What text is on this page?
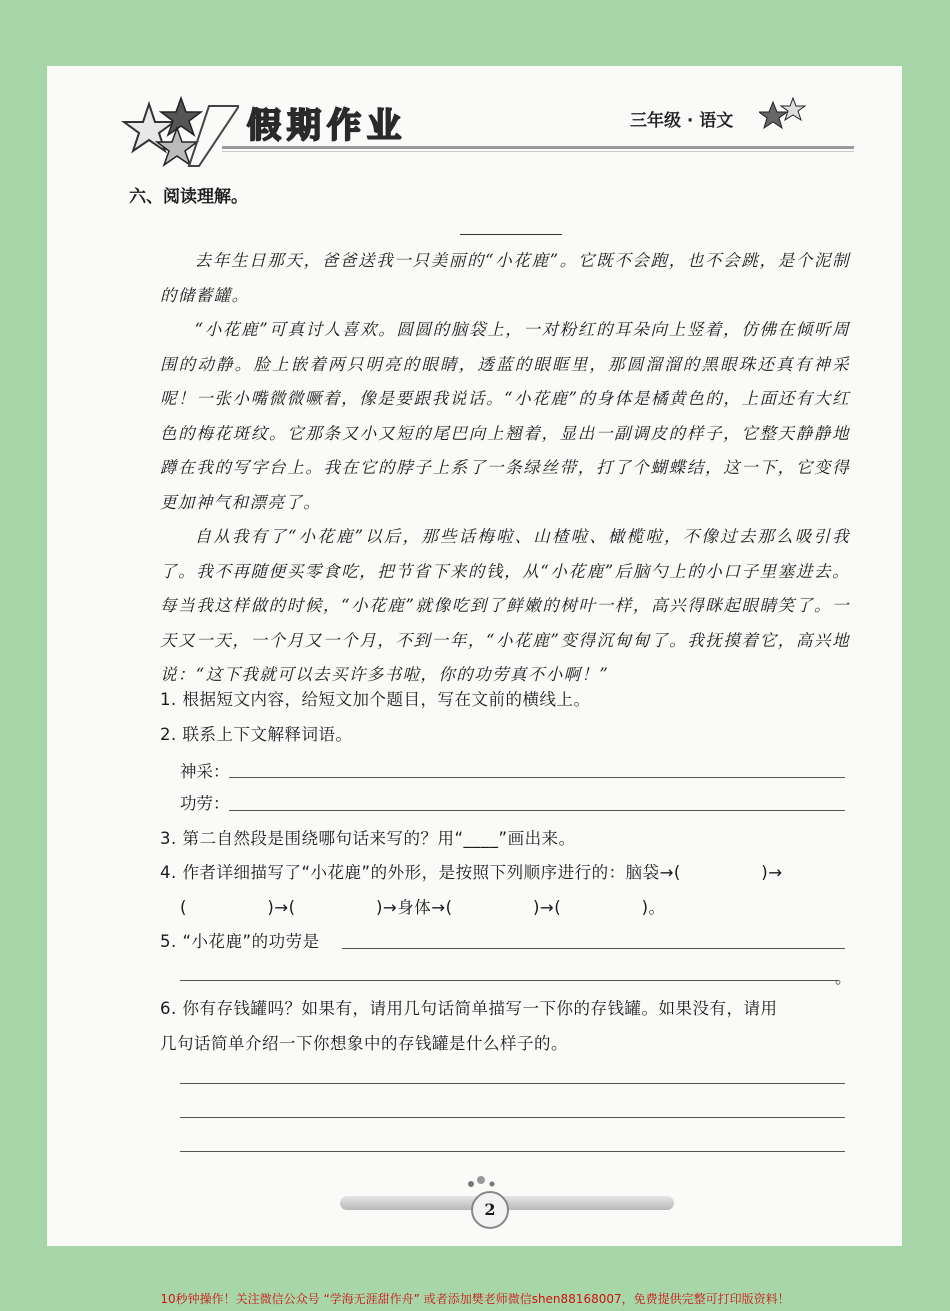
假期作业	三年级 · 语文
六、阅读理解。

去年生日那天，爸爸送我一只美丽的“小花鹿”。它既不会跑，也不会跳，是个泥制的储蓄罐。

“小花鹿”可真讨人喜欢。圆圆的脑袋上，一对粉红的耳朵向上竖着，仿佛在倾听周围的动静。脸上嵌着两只明亮的眼睛，透蓝的眼眶里，那圆溜溜的黑眼珠还真有神采呢！一张小嘴微微噘着，像是要跟我说话。“小花鹿”的身体是橘黄色的，上面还有大红色的梅花斑纹。它那条又小又短的尾巴向上翘着，显出一副调皮的样子，它整天静静地蹲在我的写字台上。我在它的脖子上系了一条绿丝带，打了个蝴蝶结，这一下，它变得更加神气和漂亮了。

自从我有了“小花鹿”以后，那些话梅啦、山楂啦、橄榄啦，不像过去那么吸引我了。我不再随便买零食吃，把节省下来的钱，从“小花鹿”后脑勺上的小口子里塞进去。每当我这样做的时候，“小花鹿”就像吃到了鲜嫩的树叶一样，高兴得眯起眼睛笑了。一天又一天，一个月又一个月，不到一年，“小花鹿”变得沉甸甸了。我抚摸着它，高兴地说：“这下我就可以去买许多书啦，你的功劳真不小啊！”

1. 根据短文内容，给短文加个题目，写在文前的横线上。
2. 联系上下文解释词语。
神采：
功劳：
3. 第二自然段是围绕哪句话来写的？用“____”画出来。
4. 作者详细描写了“小花鹿”的外形，是按照下列顺序进行的：脑袋→(              )→
(              )→(              )→身体→(              )→(              )。
5. “小花鹿”的功劳是
。
6. 你有存钱罐吗？如果有，请用几句话简单描写一下你的存钱罐。如果没有，请用
几句话简单介绍一下你想象中的存钱罐是什么样子的。
2
10秒钟操作！关注微信公众号 “学海无涯甜作舟” 或者添加樊老师微信shen88168007，免费提供完整可打印版资料！
